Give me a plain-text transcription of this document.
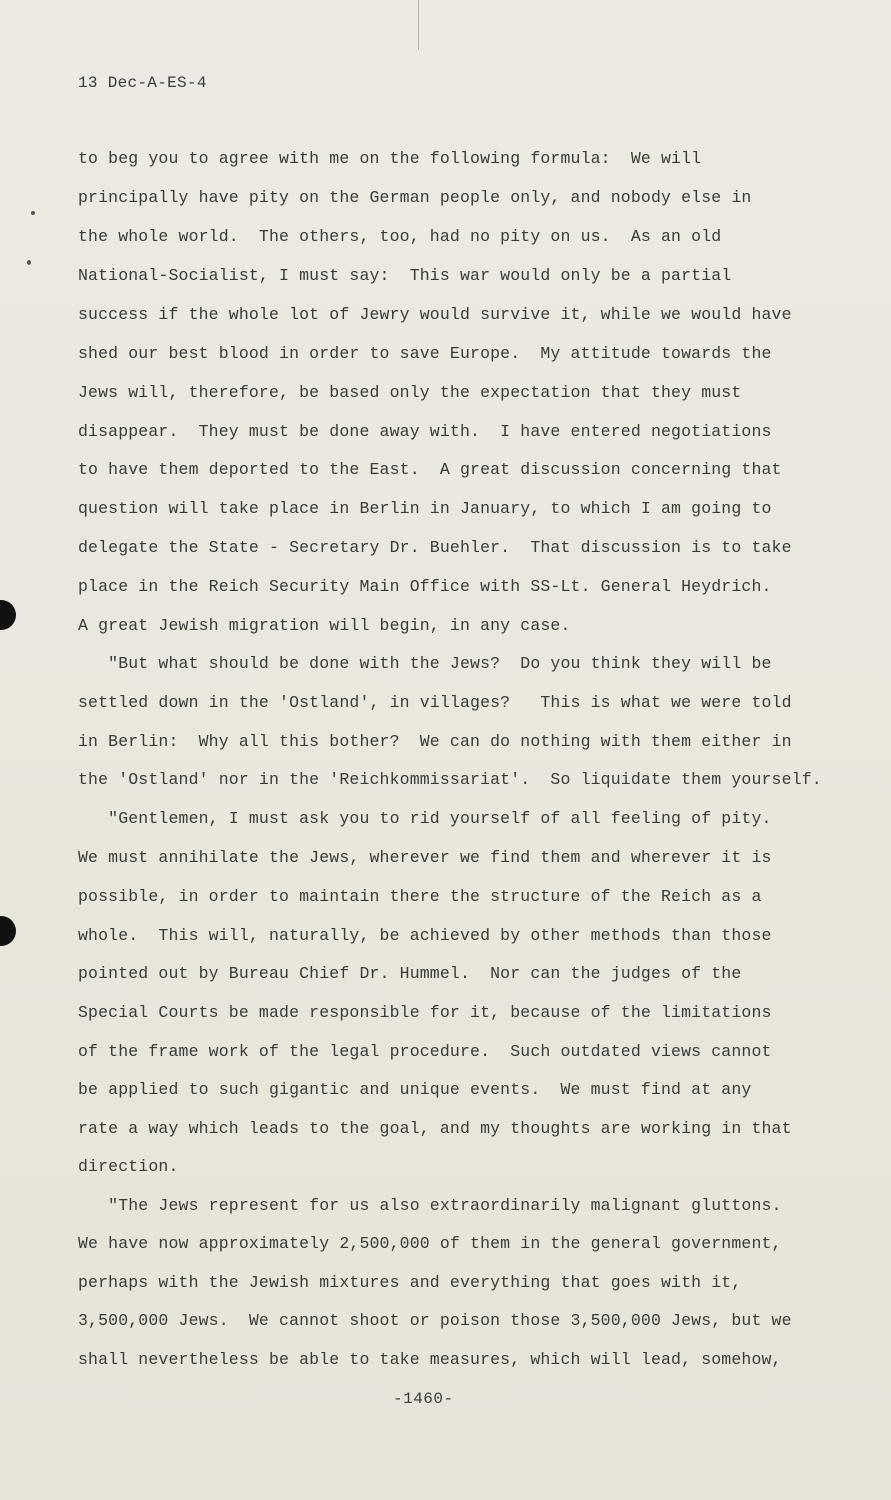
13 Dec-A-ES-4
to beg you to agree with me on the following formula:  We will
principally have pity on the German people only, and nobody else in
the whole world.  The others, too, had no pity on us.  As an old
National-Socialist, I must say:  This war would only be a partial
success if the whole lot of Jewry would survive it, while we would have
shed our best blood in order to save Europe.  My attitude towards the
Jews will, therefore, be based only the expectation that they must
disappear.  They must be done away with.  I have entered negotiations
to have them deported to the East.  A great discussion concerning that
question will take place in Berlin in January, to which I am going to
delegate the State - Secretary Dr. Buehler.  That discussion is to take
place in the Reich Security Main Office with SS-Lt. General Heydrich.
A great Jewish migration will begin, in any case.
"But what should be done with the Jews?  Do you think they will be
settled down in the 'Ostland', in villages?   This is what we were told
in Berlin:  Why all this bother?  We can do nothing with them either in
the 'Ostland' nor in the 'Reichkommissariat'.  So liquidate them yourself.
"Gentlemen, I must ask you to rid yourself of all feeling of pity.
We must annihilate the Jews, wherever we find them and wherever it is
possible, in order to maintain there the structure of the Reich as a
whole.  This will, naturally, be achieved by other methods than those
pointed out by Bureau Chief Dr. Hummel.  Nor can the judges of the
Special Courts be made responsible for it, because of the limitations
of the frame work of the legal procedure.  Such outdated views cannot
be applied to such gigantic and unique events.  We must find at any
rate a way which leads to the goal, and my thoughts are working in that
direction.
"The Jews represent for us also extraordinarily malignant gluttons.
We have now approximately 2,500,000 of them in the general government,
perhaps with the Jewish mixtures and everything that goes with it,
3,500,000 Jews.  We cannot shoot or poison those 3,500,000 Jews, but we
shall nevertheless be able to take measures, which will lead, somehow,
-1460-
